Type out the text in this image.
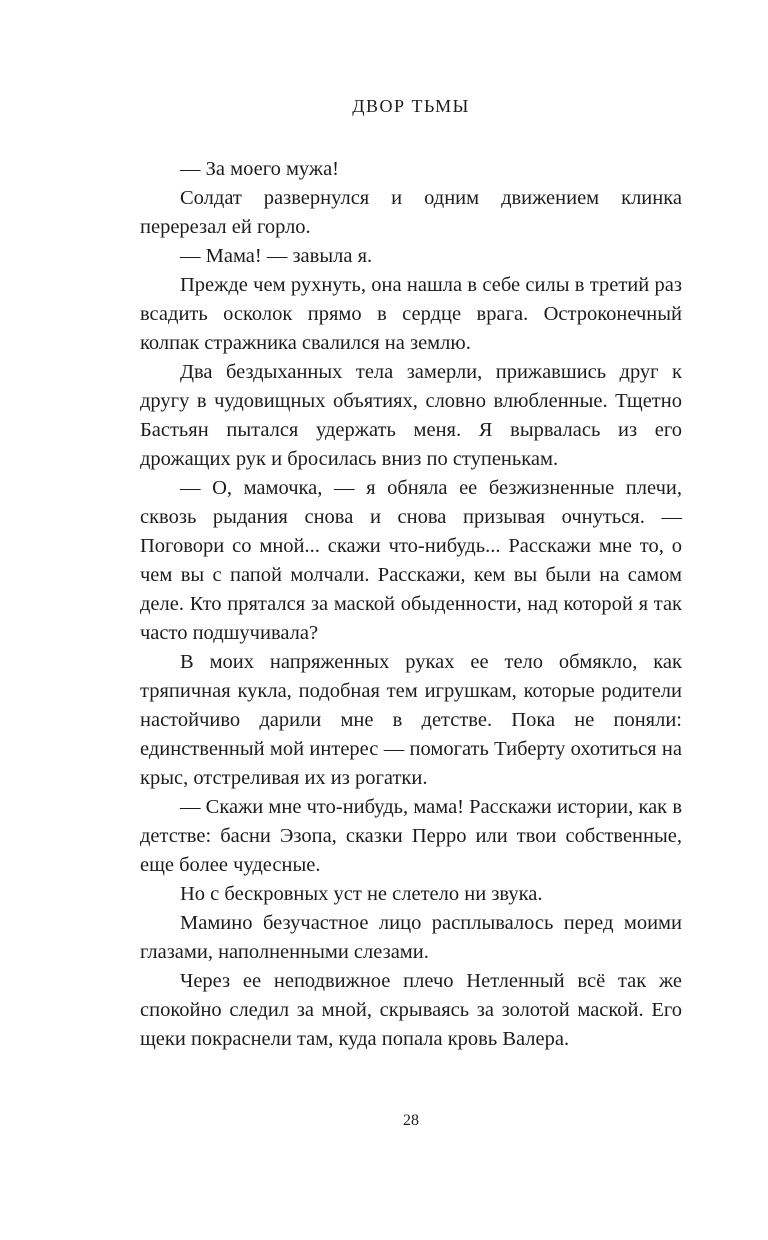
ДВОР ТЬМЫ

— За моего мужа!

Солдат развернулся и одним движением клинка перерезал ей горло.

— Мама! — завыла я.

Прежде чем рухнуть, она нашла в себе силы в третий раз всадить осколок прямо в сердце врага. Остроконечный колпак стражника свалился на землю.

Два бездыханных тела замерли, прижавшись друг к другу в чудовищных объятиях, словно влюбленные. Тщетно Бастьян пытался удержать меня. Я вырвалась из его дрожащих рук и бросилась вниз по ступенькам.

— О, мамочка, — я обняла ее безжизненные плечи, сквозь рыдания снова и снова призывая очнуться. — Поговори со мной... скажи что-нибудь... Расскажи мне то, о чем вы с папой молчали. Расскажи, кем вы были на самом деле. Кто прятался за маской обыденности, над которой я так часто подшучивала?

В моих напряженных руках ее тело обмякло, как тряпичная кукла, подобная тем игрушкам, которые родители настойчиво дарили мне в детстве. Пока не поняли: единственный мой интерес — помогать Тиберту охотиться на крыс, отстреливая их из рогатки.

— Скажи мне что-нибудь, мама! Расскажи истории, как в детстве: басни Эзопа, сказки Перро или твои собственные, еще более чудесные.

Но с бескровных уст не слетело ни звука.

Мамино безучастное лицо расплывалось перед моими глазами, наполненными слезами.

Через ее неподвижное плечо Нетленный всё так же спокойно следил за мной, скрываясь за золотой маской. Его щеки покраснели там, куда попала кровь Валера.

28
